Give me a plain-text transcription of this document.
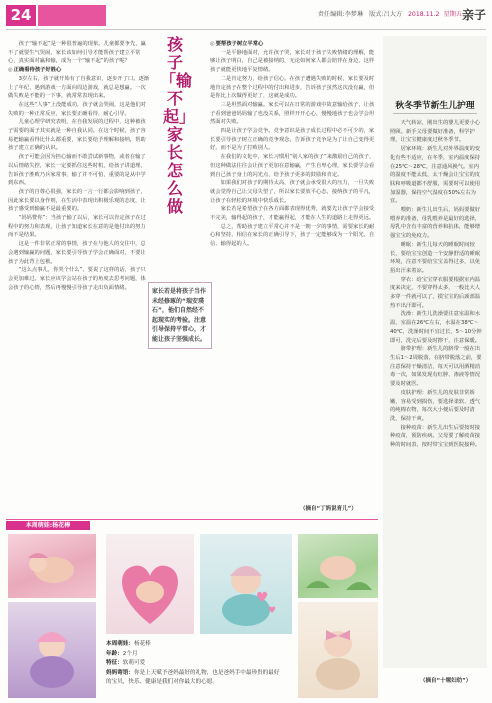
24	责任编辑:李梦琳 版式:吕大方 2018.11.2 星期五 亲子

孩子“输不起”是一种很普遍的现象。儿童都要争先，赢不了就要生气哭闹，家长该如何引导才能帮孩子建立平常心，真实面对赢和输，成为一个“输不起”的孩子呢？

◎ 正确看待孩子好胜心

3岁左右，孩子就开始有了自我意识，逐步开了口。逐渐上了年纪，遇到游戏一方面向周边游戏，就总是想赢。一次做失败是不能的一下事，就常常表现出来。

在这些“人事”上没能成功，孩子就会哭闹，这是他们对失败的一种正常反应，家长要正确看待，耐心引导。

儿童心理学研究表明，在自我发展的过程中，这种被孩子需要的面子其实就是一种自我认同。在这个时候，孩子容易把输赢看得比什么都重要，家长要给予理解和接纳，帮助孩子建立正确的认识。

孩子可能会因为担心输而不敢尝试新事物，或者在输了以后情绪失控，家长一定要抓住这些时机，给孩子讲道理，告诉孩子胜败乃兵家常事，输了并不可怕，重要的是从中学到东西。

孩子的自尊心很强，家长的一言一行都会影响到孩子，因此家长要以身作则，在生活中表现出积极乐观的态度，让孩子感受到输赢不是最重要的。

“妈妈赞你”：当孩子输了以后，家长可以肯定孩子在过程中的努力和表现，让孩子知道家长在意的是他付出的努力而不是结果。

这是一件非常正常的事情，孩子在与他人的交往中，总会遇到输赢的问题，家长要引导孩子学会正确面对，不要让孩子为此背上包袱。

“这么点事儿，你哭个什么”，要说了这样的话，孩子只会更加难过。家长应该学会站在孩子的角度去思考问题，体会孩子的心情，然后再慢慢引导孩子走出负面情绪。

孩子「输不起」家长怎么做
家长若是将孩子当作未经修琢的“瑞安璞石”，他们自然经不起现实的考验。注意引导保持平常心，才能让孩子坚强成长。

◎ 要帮孩子树立平常心

一是平静地面对，允许孩子哭，家长对于孩子失败情绪的理解，能够让孩子明白，自己是被接纳的，无论如何家人都会陪伴在身边，这样孩子就能更快地平复情绪。

二是肯定努力，给孩子信心。在孩子遭遇失败的时候，家长要及时地肯定孩子在整个过程中的付出和进步，告诉孩子虽然这次没有赢，但是你比上次做得更好了，这就是成功。

三是坦然面对输赢。家长可以在日常的游戏中故意输给孩子，让孩子看到爸爸妈妈输了也没关系，照样开开心心，慢慢地孩子也会学会坦然面对失败。

四是让孩子学会竞争。竞争意识是孩子成长过程中必不可少的，家长要引导孩子树立正确的竞争观念，告诉孩子竞争是为了让自己变得更好，而不是为了打败别人。

在我们的文化中，家长习惯用“别人家的孩子”来激励自己的孩子，但这种做法往往会让孩子更加在意输赢，产生自卑心理，家长要学会看到自己孩子身上的闪光点，给予孩子更多的鼓励和肯定。

如果我们对孩子的期待太高，孩子就会承受很大的压力，一旦失败就会觉得自己让父母失望了，所以家长要放平心态，接纳孩子的平凡，让孩子在轻松的环境中快乐成长。

家长若是希望孩子在各方面都表现得优秀，就要先让孩子学会接受不完美，输得起的孩子，才能赢得起，才能在人生的道路上走得更远。

总之，帮助孩子建立平常心并不是一朝一夕的事情，需要家长的耐心和坚持，相信在家长的正确引导下，孩子一定能够成为一个阳光、自信、输得起的人。

（摘自“丁妈说育儿”）
秋冬季节新生儿护理

天气转凉，刚出生的婴儿更要小心照顾。新手父母要做好准备，科学护理，让宝宝健康度过秋冬季节。

居家环境：新生儿对外界温度的变化有些不适应，在冬季，室内温度保持在25℃～28℃，注意通风换气。室内的湿度不能太低，太干燥会让宝宝的皮肤和呼吸道都不舒服，需要时可以使用加湿器，保持空气湿度在50%左右为宜。

喂奶：新生儿出生后，妈妈要做好喂养的准备，母乳喂养是最好的选择，母乳中含有丰富的营养和抗体，能够增强宝宝的免疫力。

睡眠：新生儿每天的睡眠时间较长，要给宝宝创造一个安静舒适的睡眠环境，注意不要给宝宝盖得过多，以免捂出汗来着凉。

穿衣：给宝宝穿衣服要根据室内温度来决定，不要穿得太多，一般比大人多穿一件就可以了，摸宝宝的后颈部温热不出汗即可。

洗澡：新生儿洗澡要注意室温和水温，室温在26℃左右，水温在38℃～40℃，洗澡时间不宜过长，5～10分钟即可，洗完后要及时擦干，注意保暖。

脐带护理：新生儿的脐带一般在出生后1～2周脱落，在脐带脱落之前，要注意保持干燥清洁，每天可以用酒精消毒一次，如果发现有红肿、渗液等情况要及时就医。

皮肤护理：新生儿的皮肤非常娇嫩，容易受到损伤，要选择柔软、透气的纯棉衣物，每次大小便后要及时清洗，保持干爽。

接种疫苗：新生儿出生后要按时接种疫苗，预防疾病。父母要了解疫苗接种的时间表，按时带宝宝到医院接种。

（摘自“十堰妇幼”）
本周萌娃:杨花棒
♥
♥
本周萌娃：杨花棒
年龄：2个月
特征：软萌可爱
妈妈寄语：你是上天赋予爸妈最好的礼物，也是爸妈手中最珍贵的最好的宝贝，快乐、健康是我们对你最大的心愿。
